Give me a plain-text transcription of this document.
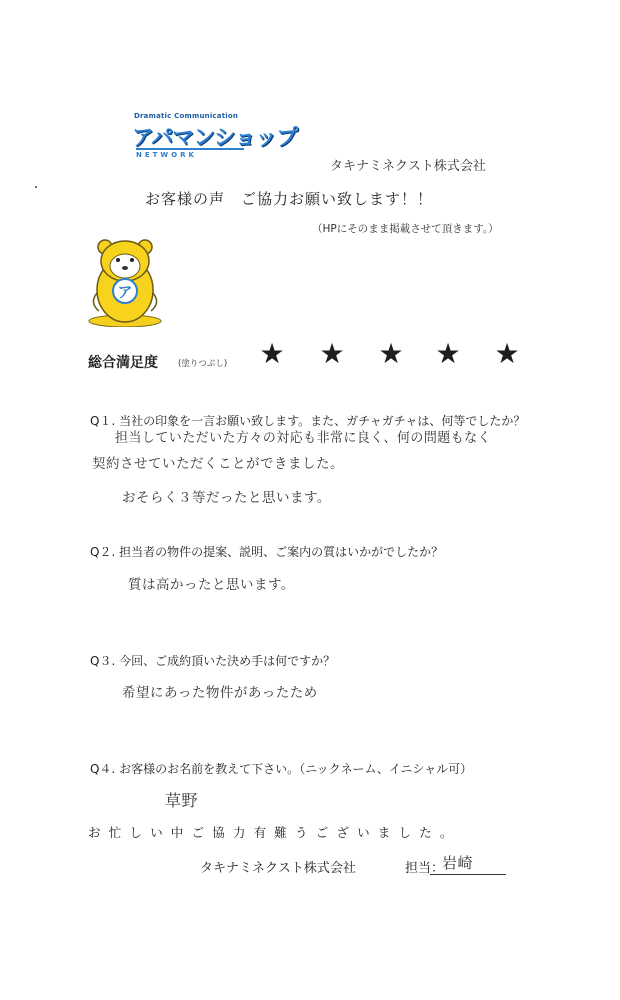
Dramatic Communication
アパマンショップ
NETWORK
タキナミネクスト株式会社
お客様の声　ご協力お願い致します！！
（HPにそのまま掲載させて頂きます。）
ア
総合満足度 (塗りつぶし) ★ ★ ★ ★ ★
Q１. 当社の印象を一言お願い致します。また、ガチャガチャは、何等でしたか？
担当していただいた方々の対応も非常に良く、何の問題もなく
契約させていただくことができました。
おそらく３等だったと思います。
Q２. 担当者の物件の提案、説明、ご案内の質はいかがでしたか？
質は高かったと思います。
Q３. 今回、ご成約頂いた決め手は何ですか？
希望にあった物件があったため
Q４. お客様のお名前を教えて下さい。（ニックネーム、イニシャル可）
草野
お忙しい中ご協力有難うございました。
タキナミネクスト株式会社	担当：
岩崎
